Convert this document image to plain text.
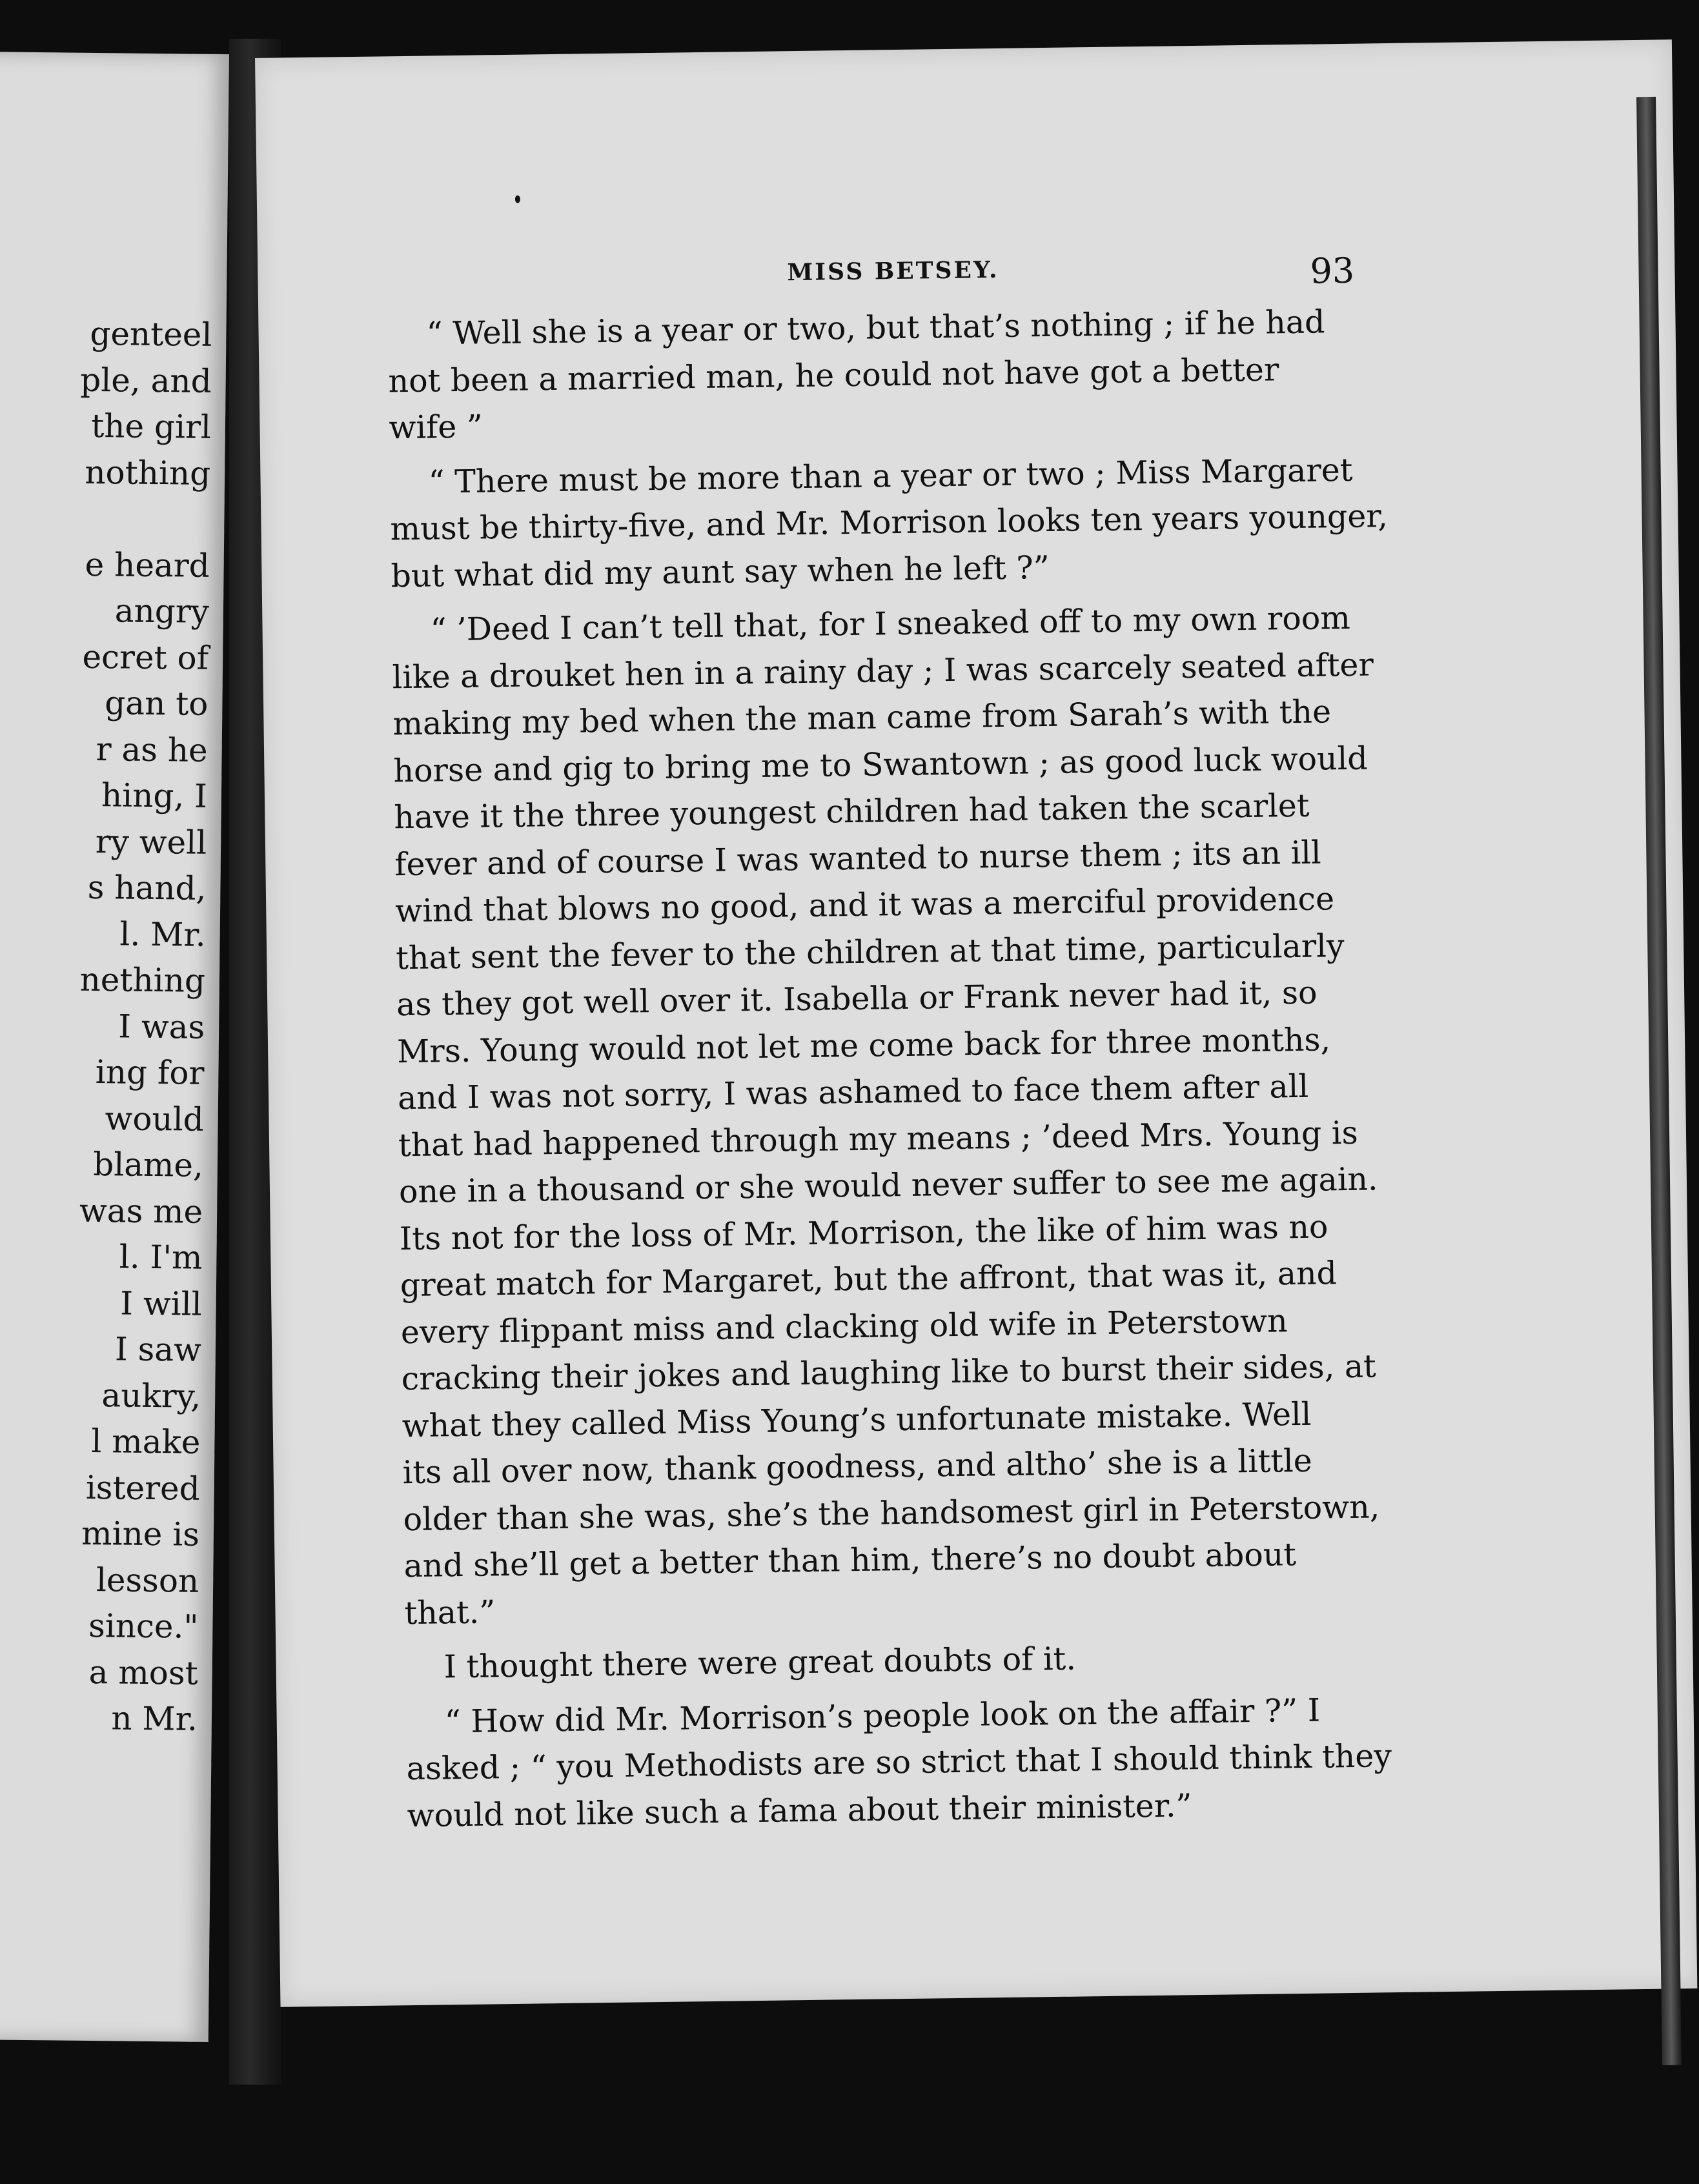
genteel
ple, and
the girl
nothing
e heard
angry
ecret of
gan to
r as he
hing, I
ry well
s hand,
l. Mr.
nething
I was
ing for
would
blame,
was me
l. I'm
I will
I saw
aukry,
l make
istered
mine is
lesson
since."
a most
n Mr.
MISS BETSEY.	93
“ Well she is a year or two, but that’s nothing ; if he had
not been a married man, he could not have got a better
wife ”
“ There must be more than a year or two ; Miss Margaret
must be thirty-five, and Mr. Morrison looks ten years younger,
but what did my aunt say when he left ?”
“ ’Deed I can’t tell that, for I sneaked off to my own room
like a drouket hen in a rainy day ; I was scarcely seated after
making my bed when the man came from Sarah’s with the
horse and gig to bring me to Swantown ; as good luck would
have it the three youngest children had taken the scarlet
fever and of course I was wanted to nurse them ; its an ill
wind that blows no good, and it was a merciful providence
that sent the fever to the children at that time, particularly
as they got well over it. Isabella or Frank never had it, so
Mrs. Young would not let me come back for three months,
and I was not sorry, I was ashamed to face them after all
that had happened through my means ; ’deed Mrs. Young is
one in a thousand or she would never suffer to see me again.
Its not for the loss of Mr. Morrison, the like of him was no
great match for Margaret, but the affront, that was it, and
every flippant miss and clacking old wife in Peterstown
cracking their jokes and laughing like to burst their sides, at
what they called Miss Young’s unfortunate mistake. Well
its all over now, thank goodness, and altho’ she is a little
older than she was, she’s the handsomest girl in Peterstown,
and she’ll get a better than him, there’s no doubt about
that.”
I thought there were great doubts of it.
“ How did Mr. Morrison’s people look on the affair ?” I
asked ; “ you Methodists are so strict that I should think they
would not like such a fama about their minister.”
